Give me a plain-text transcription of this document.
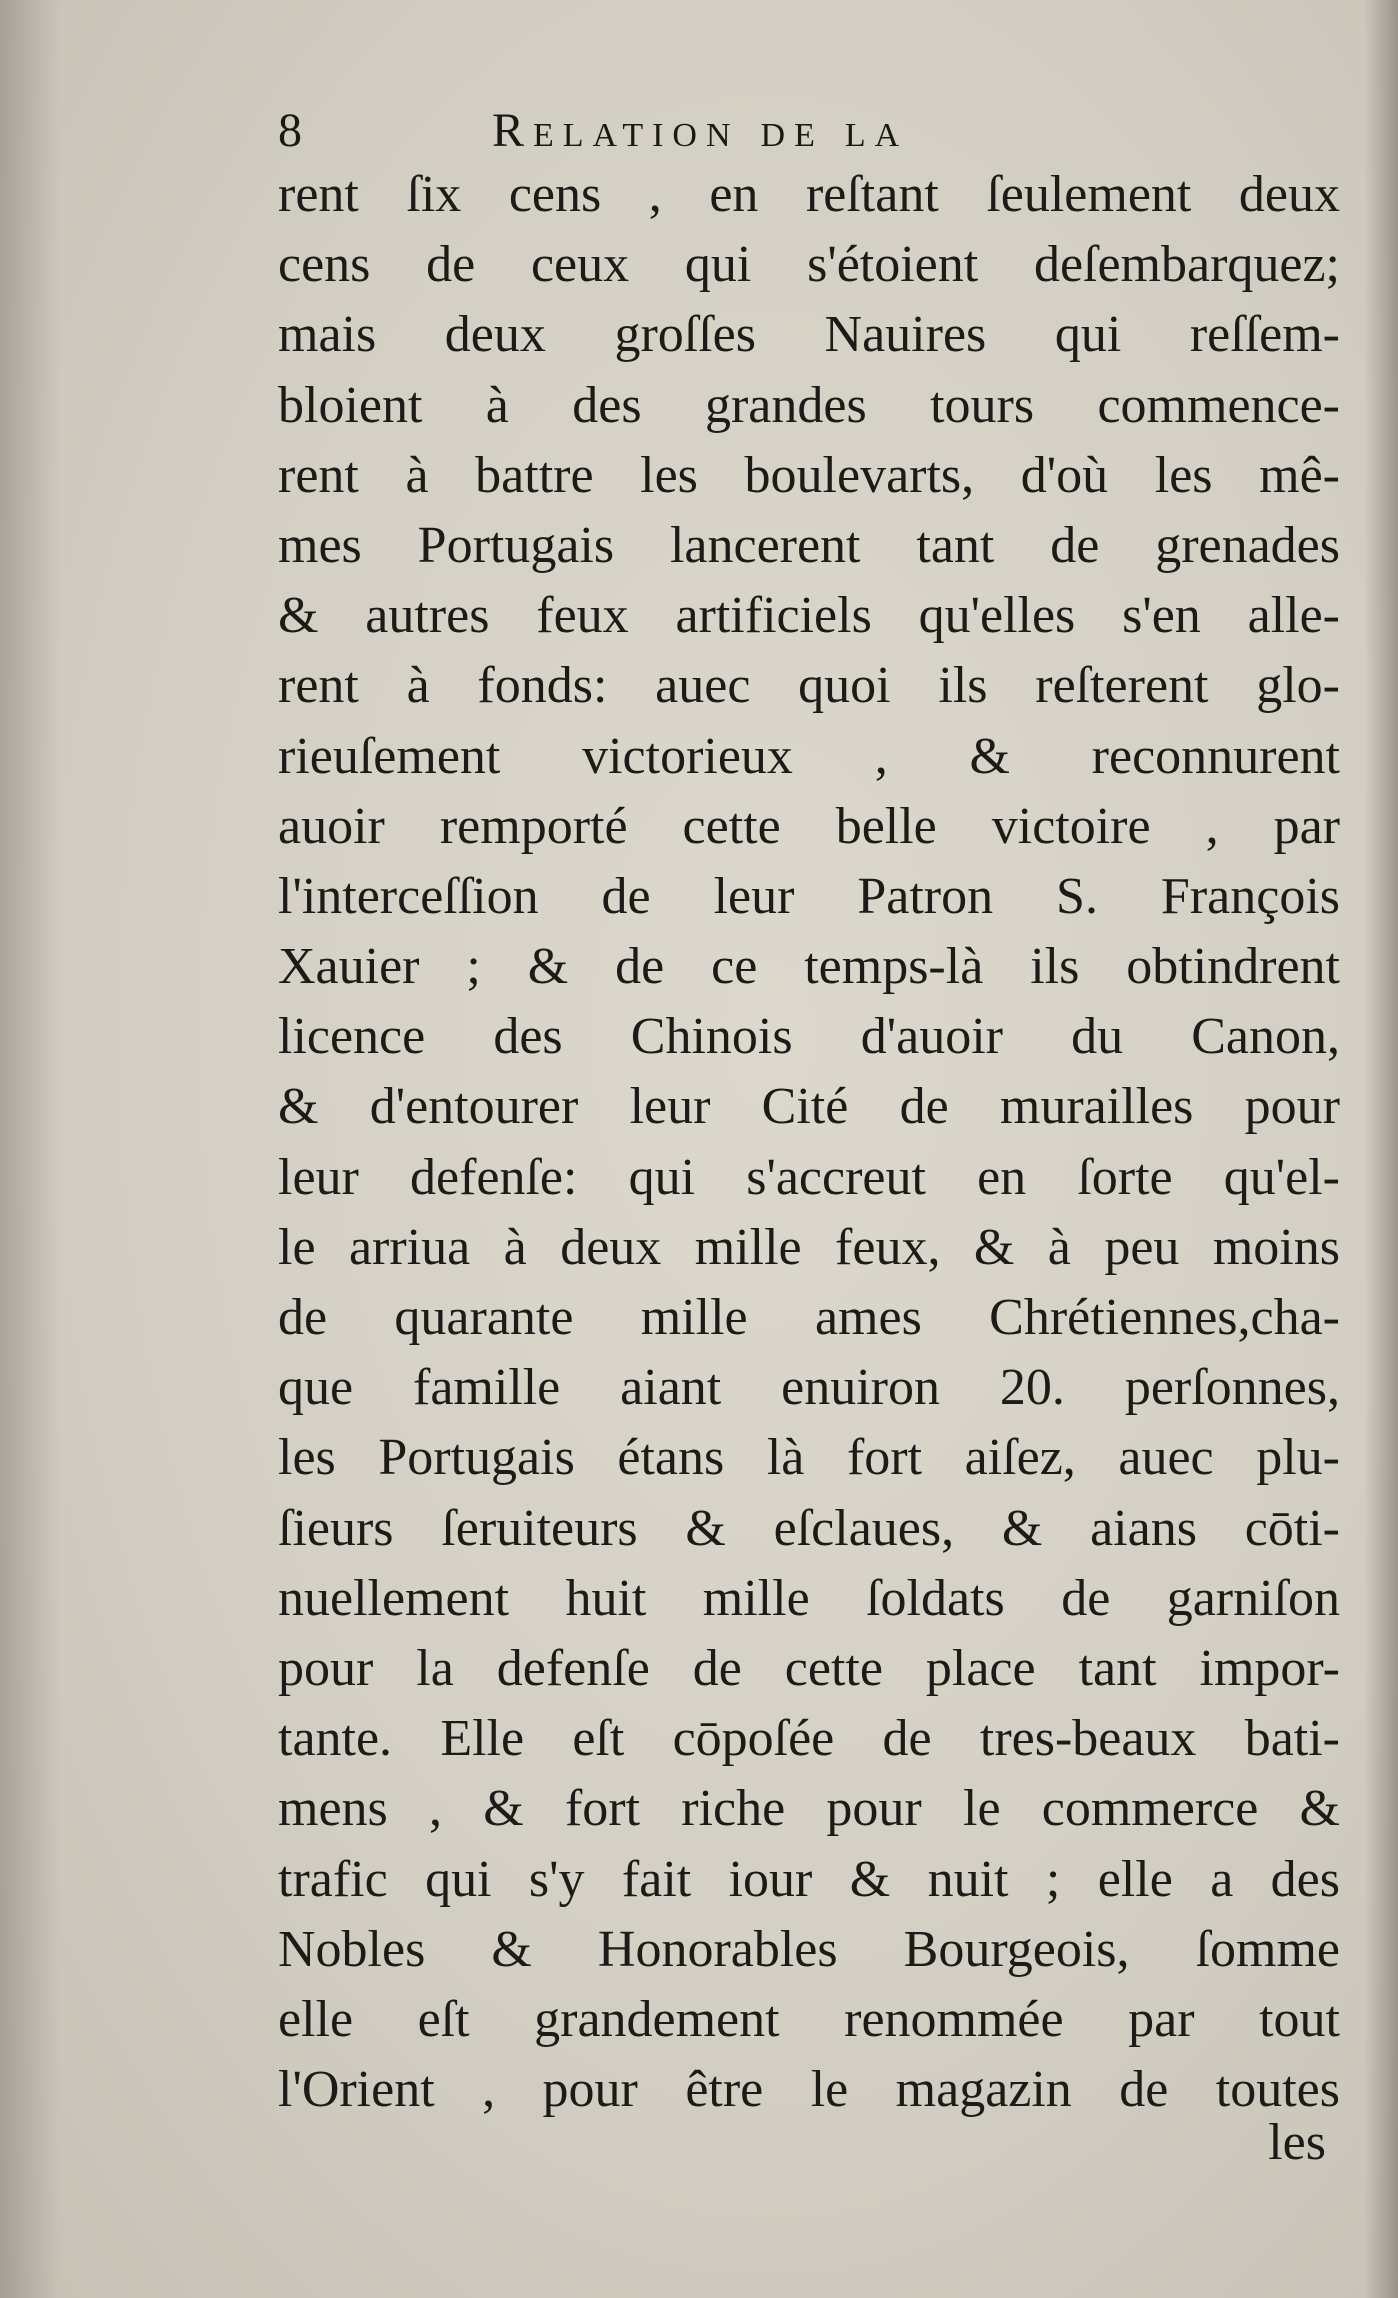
8	Relation de la
rent ſix cens , en reſtant ſeulement deux
cens de ceux qui s'étoient deſembarquez;
mais deux groſſes Nauires qui reſſem-
bloient à des grandes tours commence-
rent à battre les boulevarts, d'où les mê-
mes Portugais lancerent tant de grenades
& autres feux artificiels qu'elles s'en alle-
rent à fonds: auec quoi ils reſterent glo-
rieuſement victorieux , & reconnurent
auoir remporté cette belle victoire , par
l'interceſſion de leur Patron S. François
Xauier ; & de ce temps-là ils obtindrent
licence des Chinois d'auoir du Canon,
& d'entourer leur Cité de murailles pour
leur defenſe: qui s'accreut en ſorte qu'el-
le arriua à deux mille feux, & à peu moins
de quarante mille ames Chrétiennes,cha-
que famille aiant enuiron 20. perſonnes,
les Portugais étans là fort aiſez, auec plu-
ſieurs ſeruiteurs & eſclaues, & aians cōti-
nuellement huit mille ſoldats de garniſon
pour la defenſe de cette place tant impor-
tante. Elle eſt cōpoſée de tres-beaux bati-
mens , & fort riche pour le commerce &
trafic qui s'y fait iour & nuit ; elle a des
Nobles & Honorables Bourgeois, ſomme
elle eſt grandement renommée par tout
l'Orient , pour être le magazin de toutes
les
